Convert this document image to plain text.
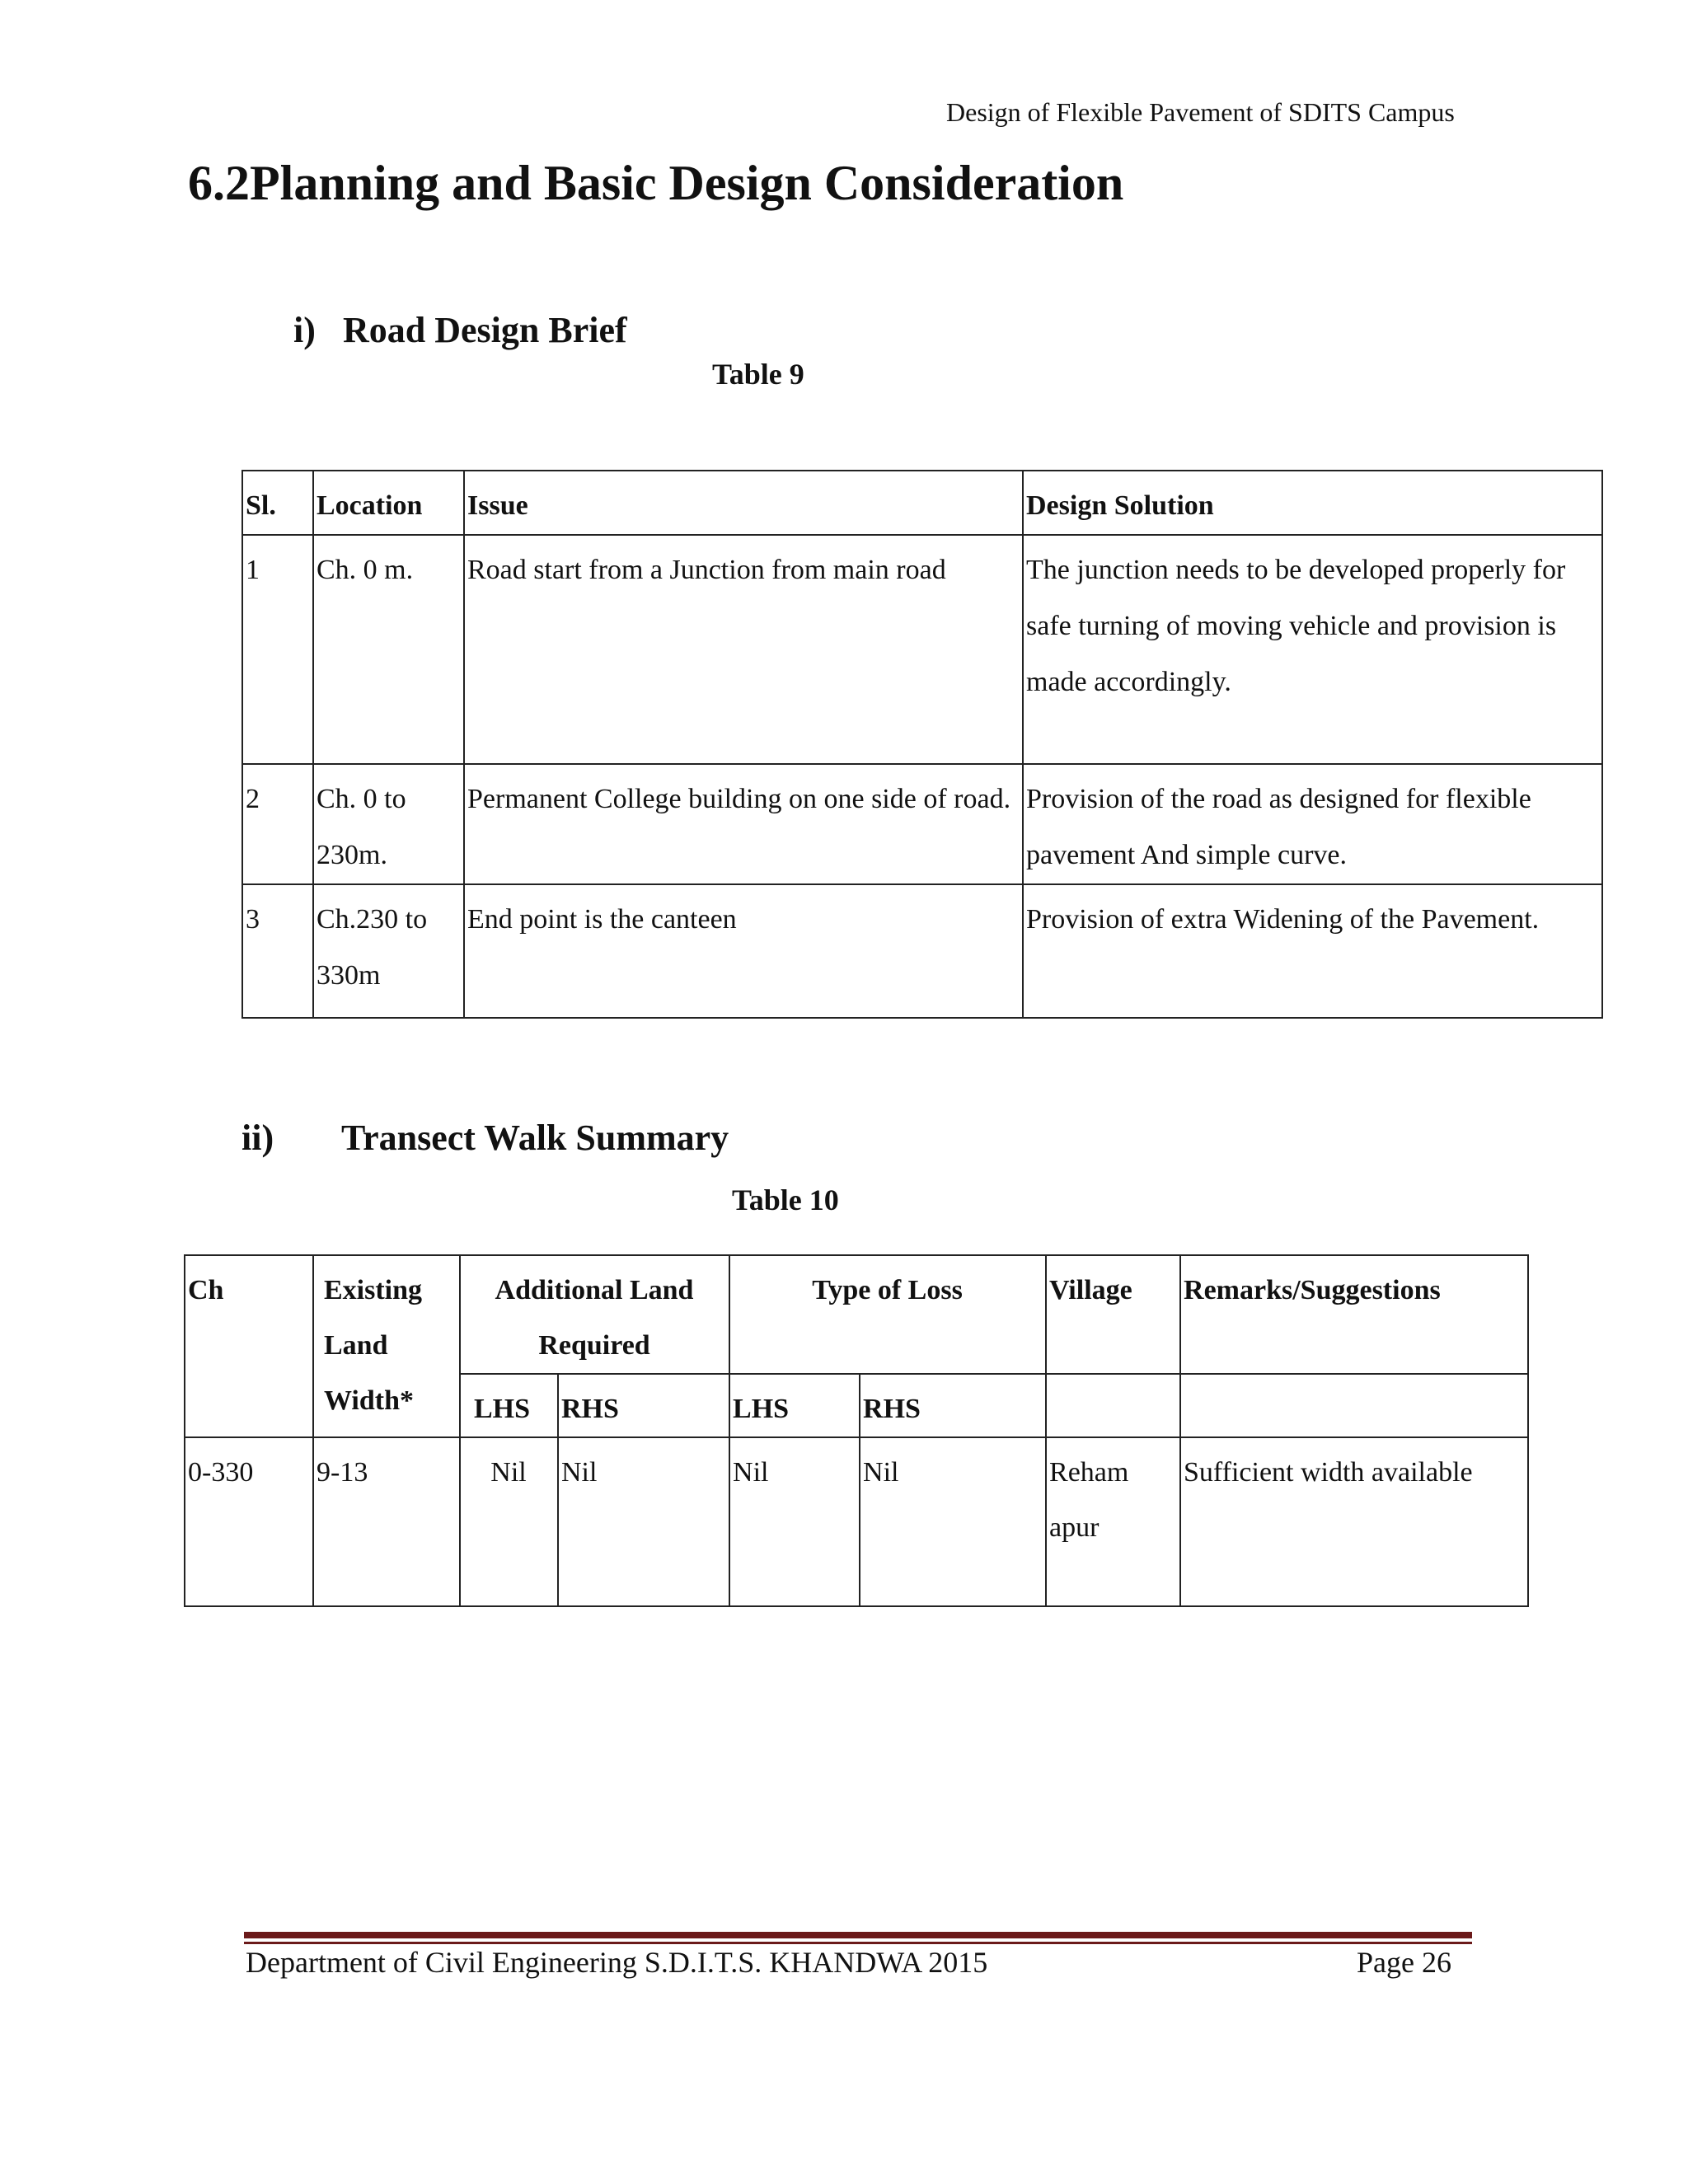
Design of Flexible Pavement of SDITS Campus
6.2Planning and Basic Design Consideration
i) Road Design Brief
Table 9
Sl.	Location	Issue	Design Solution
1	Ch. 0 m.	Road start from a Junction from main road	The junction needs to be developed properly for safe turning of moving vehicle and provision is made accordingly.
2	Ch. 0 to 230m.	Permanent College building on one side of road.	Provision of the road as designed for flexible pavement And simple curve.
3	Ch.230 to 330m	End point is the canteen	Provision of extra Widening of the Pavement.
ii) Transect Walk Summary
Table 10
Ch	Existing Land Width*	Additional Land Required		Type of Loss		Village	Remarks/Suggestions
		LHS	RHS	LHS	RHS		
0-330	9-13	Nil	Nil	Nil	Nil	Reham apur	Sufficient width available
Department of Civil Engineering S.D.I.T.S. KHANDWA 2015	Page 26
